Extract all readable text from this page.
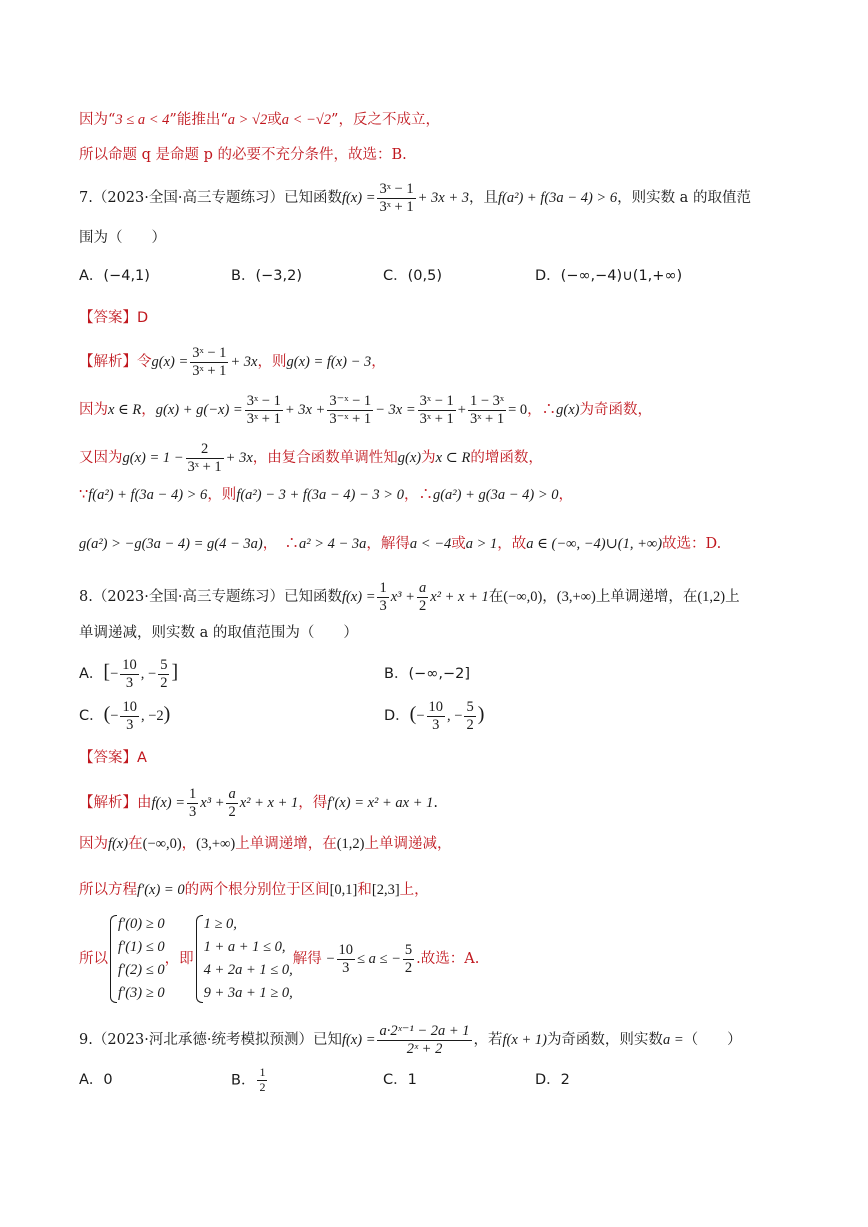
因为“3 ≤ a < 4”能推出“a > √2或a < −√2”，反之不成立，
所以命题 q 是命题 p 的必要不充分条件，故选：B.
7.（2023·全国·高三专题练习）已知函数$f(x) = \frac{\text{3ˣ − 1}}{\text{3ˣ + 1}} + 3x + 3$，且f(a²) + f(3a − 4) > 6，则实数 a 的取值范
围为（　　）
A．(−4,1)	B．(−3,2)	C．(0,5)	D．(−∞,−4)∪(1,+∞)
【答案】D
【解析】令$g(x) = \frac{\text{3ˣ − 1}}{\text{3ˣ + 1}} + 3x$，则g(x) = f(x) − 3，
因为x ∈ R，$g(x) + g(-x) = \frac{\text{3ˣ − 1}}{\text{3ˣ + 1}} + 3x + \frac{\text{3⁻ˣ − 1}}{\text{3⁻ˣ + 1}} - 3x = \frac{\text{3ˣ − 1}}{\text{3ˣ + 1}} + \frac{\text{1 − 3ˣ}}{\text{3ˣ + 1}} = 0$，∴g(x)为奇函数，
又因为$g(x) = 1 - \frac{2}{\text{3ˣ + 1}} + 3x$，由复合函数单调性知g(x)为x ⊂ R的增函数，
∵f(a²) + f(3a − 4) > 6，则f(a²) − 3 + f(3a − 4) − 3 > 0，∴g(a²) + g(3a − 4) > 0，
g(a²) > −g(3a − 4) = g(4 − 3a)，　∴a² > 4 − 3a，解得a < −4或a > 1，故a ∈ (−∞, −4)∪(1, +∞)故选：D.
8.（2023·全国·高三专题练习）已知函数$f(x) = \frac{1}{3} x^3 + \frac{a}{2} x^2 + x + 1$在(−∞,0)，(3,+∞)上单调递增，在(1,2)上
单调递减，则实数 a 的取值范围为（　　）
A．[− $\frac{10}{3}$ , − $\frac{5}{2}$ ]	B．(−∞,−2]
C．(− $\frac{10}{3}$ , −2)	D．(− $\frac{10}{3}$ , − $\frac{5}{2}$ )
【答案】A
【解析】由$f(x) = \frac{1}{3} x^3 + \frac{a}{2} x^2 + x + 1$，得f′(x) = x² + ax + 1.
因为f(x)在(−∞,0)，(3,+∞)上单调递增，在(1,2)上单调递减，
所以方程f′(x) = 0的两个根分别位于区间[0,1]和[2,3]上，
所以
f′(0) ≥ 0
f′(1) ≤ 0
f′(2) ≤ 0
f′(3) ≥ 0
，即
1 ≥ 0,
1 + a + 1 ≤ 0,
4 + 2a + 1 ≤ 0,
9 + 3a + 1 ≥ 0,
解得 − $\frac{10}{3} \le a$ ≤ − $\frac{5}{2}$ .故选：A.
9.（2023·河北承德·统考模拟预测）已知$f(x) = \frac{\text{a·2ˣ⁻¹ − 2a + 1}}{\text{2ˣ + 2}}$ ，若f(x + 1)为奇函数，则实数a =（　　）
A．0	B． $\frac{1}{2}$	C．1	D．2
